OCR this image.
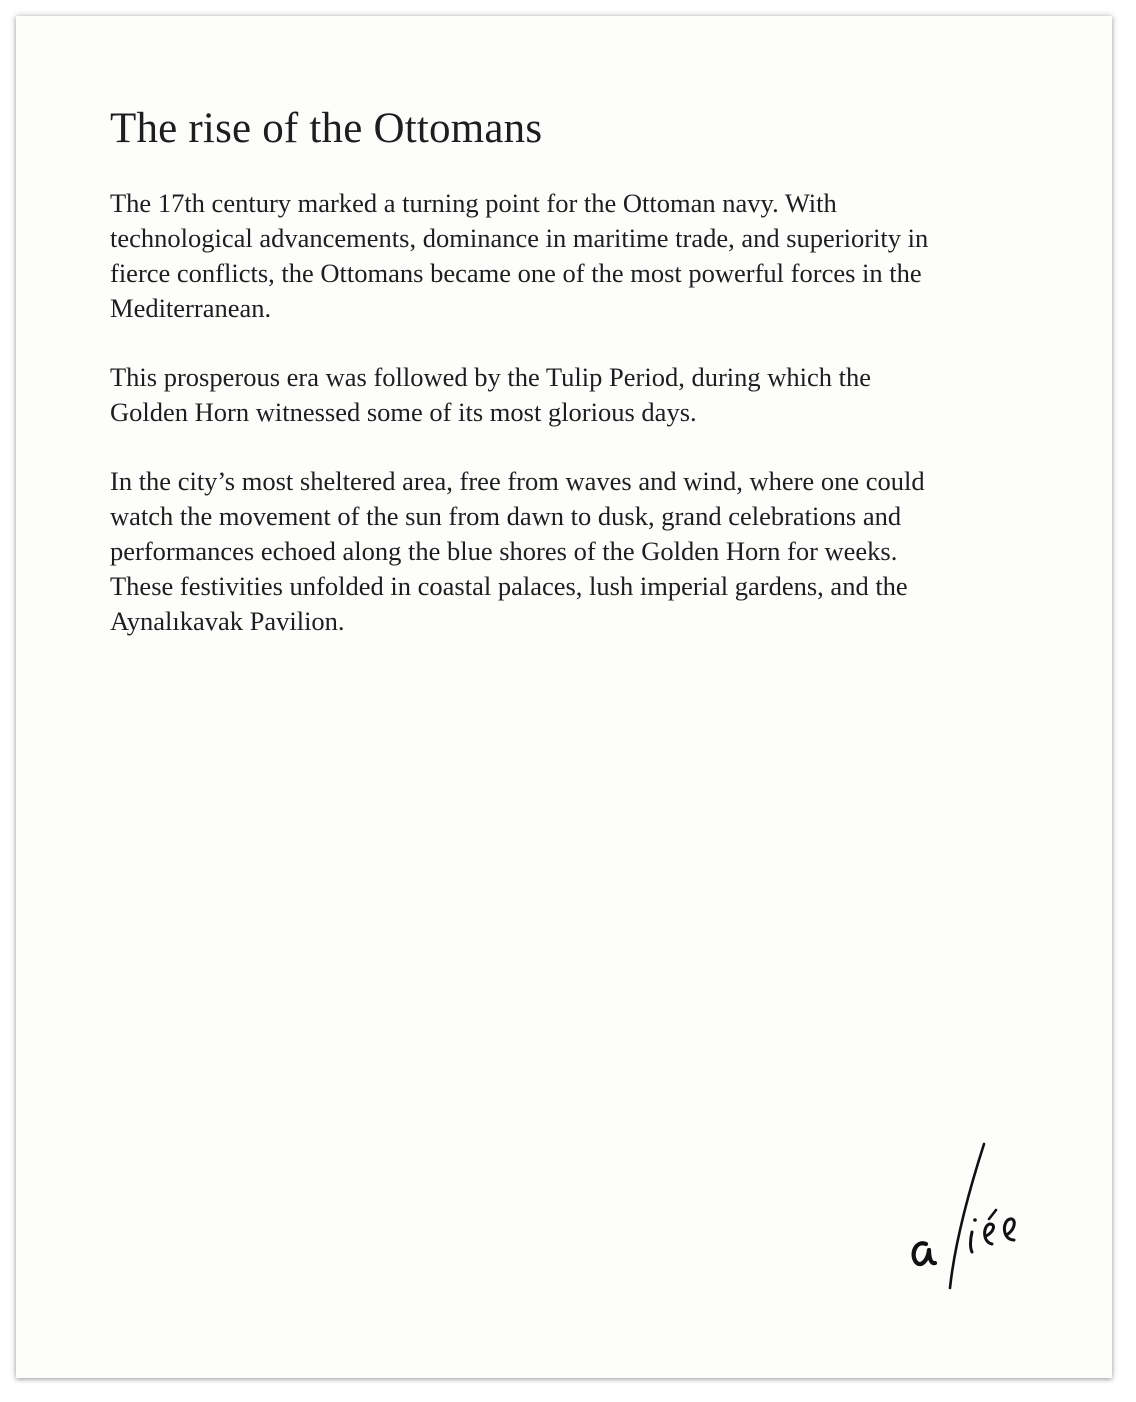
The rise of the Ottomans

The 17th century marked a turning point for the Ottoman navy. With
technological advancements, dominance in maritime trade, and superiority in
fierce conflicts, the Ottomans became one of the most powerful forces in the
Mediterranean.

This prosperous era was followed by the Tulip Period, during which the
Golden Horn witnessed some of its most glorious days.

In the city’s most sheltered area, free from waves and wind, where one could
watch the movement of the sun from dawn to dusk, grand celebrations and
performances echoed along the blue shores of the Golden Horn for weeks.
These festivities unfolded in coastal palaces, lush imperial gardens, and the
Aynalıkavak Pavilion.
